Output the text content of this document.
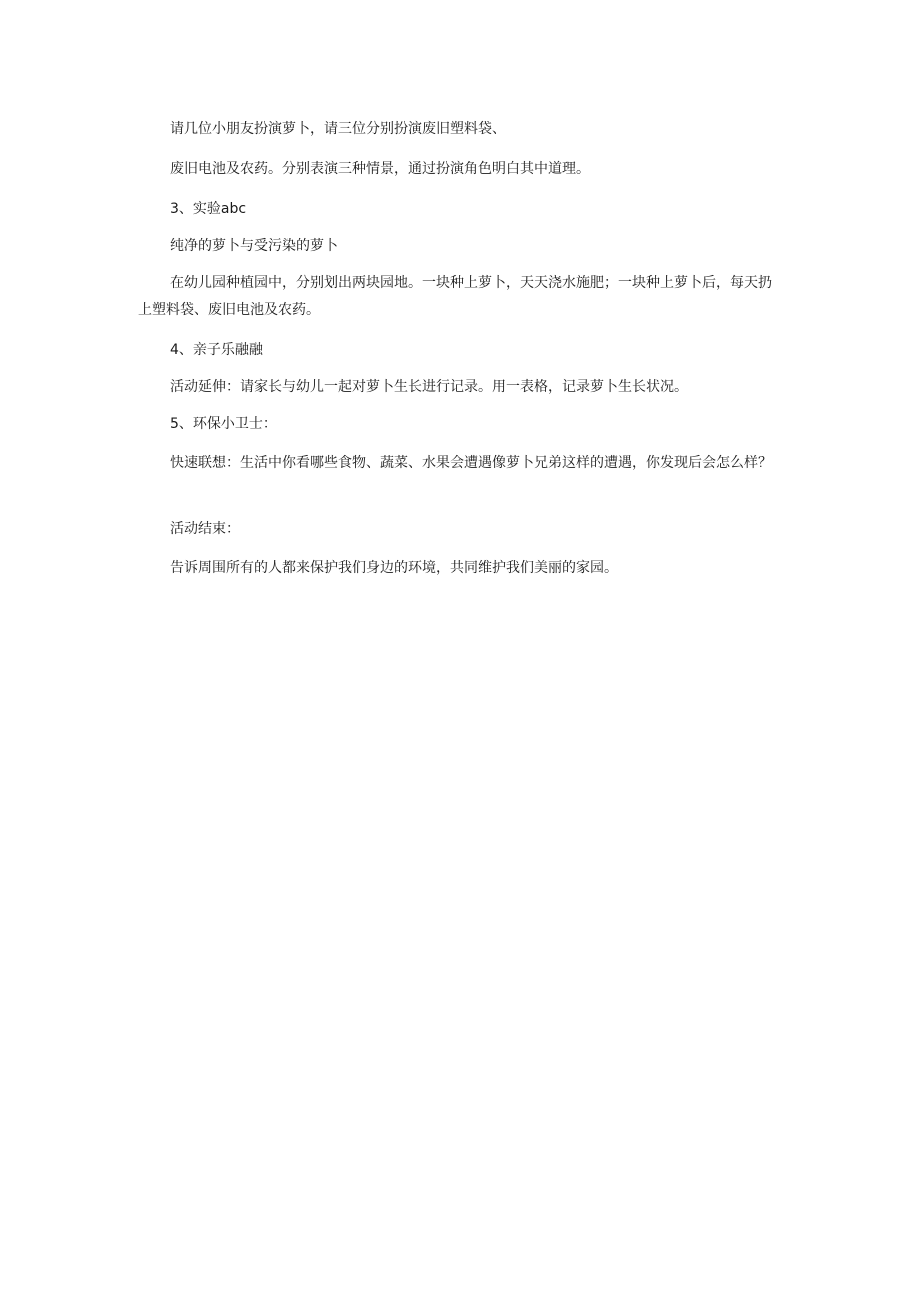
请几位小朋友扮演萝卜，请三位分别扮演废旧塑料袋、
废旧电池及农药。分别表演三种情景，通过扮演角色明白其中道理。
3、实验abc
纯净的萝卜与受污染的萝卜
在幼儿园种植园中，分别划出两块园地。一块种上萝卜，天天浇水施肥；一块种上萝卜后，每天扔上塑料袋、废旧电池及农药。
4、亲子乐融融
活动延伸：请家长与幼儿一起对萝卜生长进行记录。用一表格，记录萝卜生长状况。
5、环保小卫士：
快速联想：生活中你看哪些食物、蔬菜、水果会遭遇像萝卜兄弟这样的遭遇，你发现后会怎么样？
活动结束：
告诉周围所有的人都来保护我们身边的环境，共同维护我们美丽的家园。
